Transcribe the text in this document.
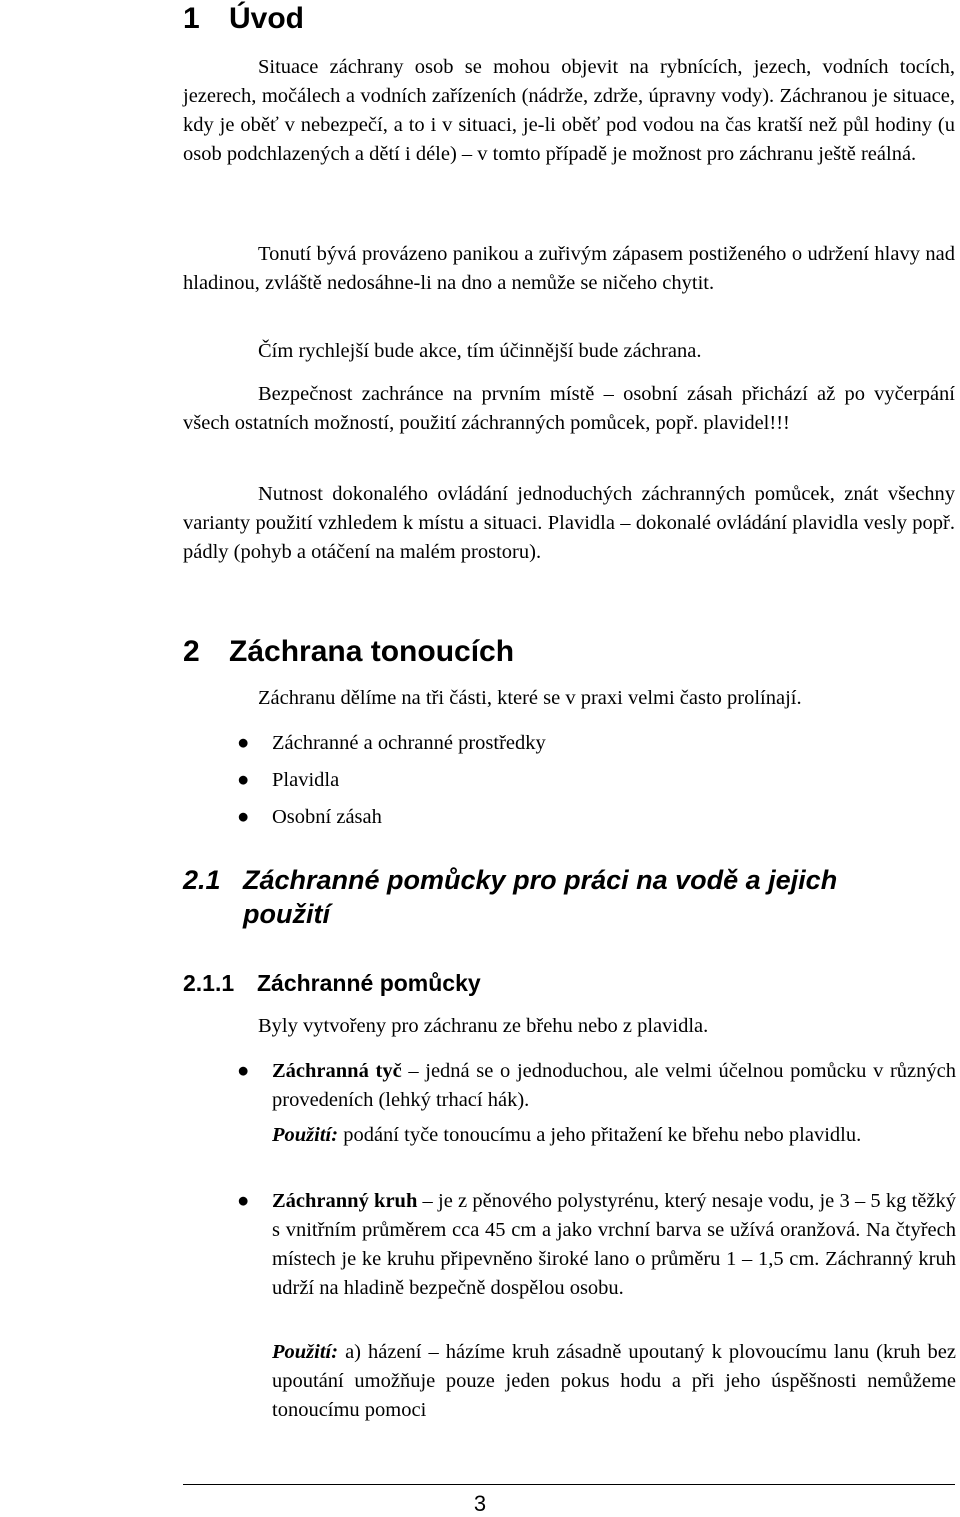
1 Úvod

Situace záchrany osob se mohou objevit na rybnících, jezech, vodních tocích, jezerech, močálech a vodních zařízeních (nádrže, zdrže, úpravny vody). Záchranou je situace, kdy je oběť v nebezpečí, a to i v situaci, je-li oběť pod vodou na čas kratší než půl hodiny (u osob podchlazených a dětí i déle) – v tomto případě je možnost pro záchranu ještě reálná.

Tonutí bývá provázeno panikou a zuřivým zápasem postiženého o udržení hlavy nad hladinou, zvláště nedosáhne-li na dno a nemůže se ničeho chytit.

Čím rychlejší bude akce, tím účinnější bude záchrana.

Bezpečnost zachránce na prvním místě – osobní zásah přichází až po vyčerpání všech ostatních možností, použití záchranných pomůcek, popř. plavidel!!!

Nutnost dokonalého ovládání jednoduchých záchranných pomůcek, znát všechny varianty použití vzhledem k místu a situaci. Plavidla – dokonalé ovládání plavidla vesly popř. pádly (pohyb a otáčení na malém prostoru).

2 Záchrana tonoucích

Záchranu dělíme na tři části, které se v praxi velmi často prolínají.

● Záchranné a ochranné prostředky

● Plavidla

● Osobní zásah

2.1 Záchranné pomůcky pro práci na vodě a jejich použití
2.1.1 Záchranné pomůcky

Byly vytvořeny pro záchranu ze břehu nebo z plavidla.

● Záchranná tyč – jedná se o jednoduchou, ale velmi účelnou pomůcku v různých provedeních (lehký trhací hák).

Použití: podání tyče tonoucímu a jeho přitažení ke břehu nebo plavidlu.

● Záchranný kruh – je z pěnového polystyrénu, který nesaje vodu, je 3 – 5 kg těžký s vnitřním průměrem cca 45 cm a jako vrchní barva se užívá oranžová. Na čtyřech místech je ke kruhu připevněno široké lano o průměru 1 – 1,5 cm. Záchranný kruh udrží na hladině bezpečně dospělou osobu.

Použití: a) házení – házíme kruh zásadně upoutaný k plovoucímu lanu (kruh bez upoutání umožňuje pouze jeden pokus hodu a při jeho úspěšnosti nemůžeme tonoucímu pomoci

3
